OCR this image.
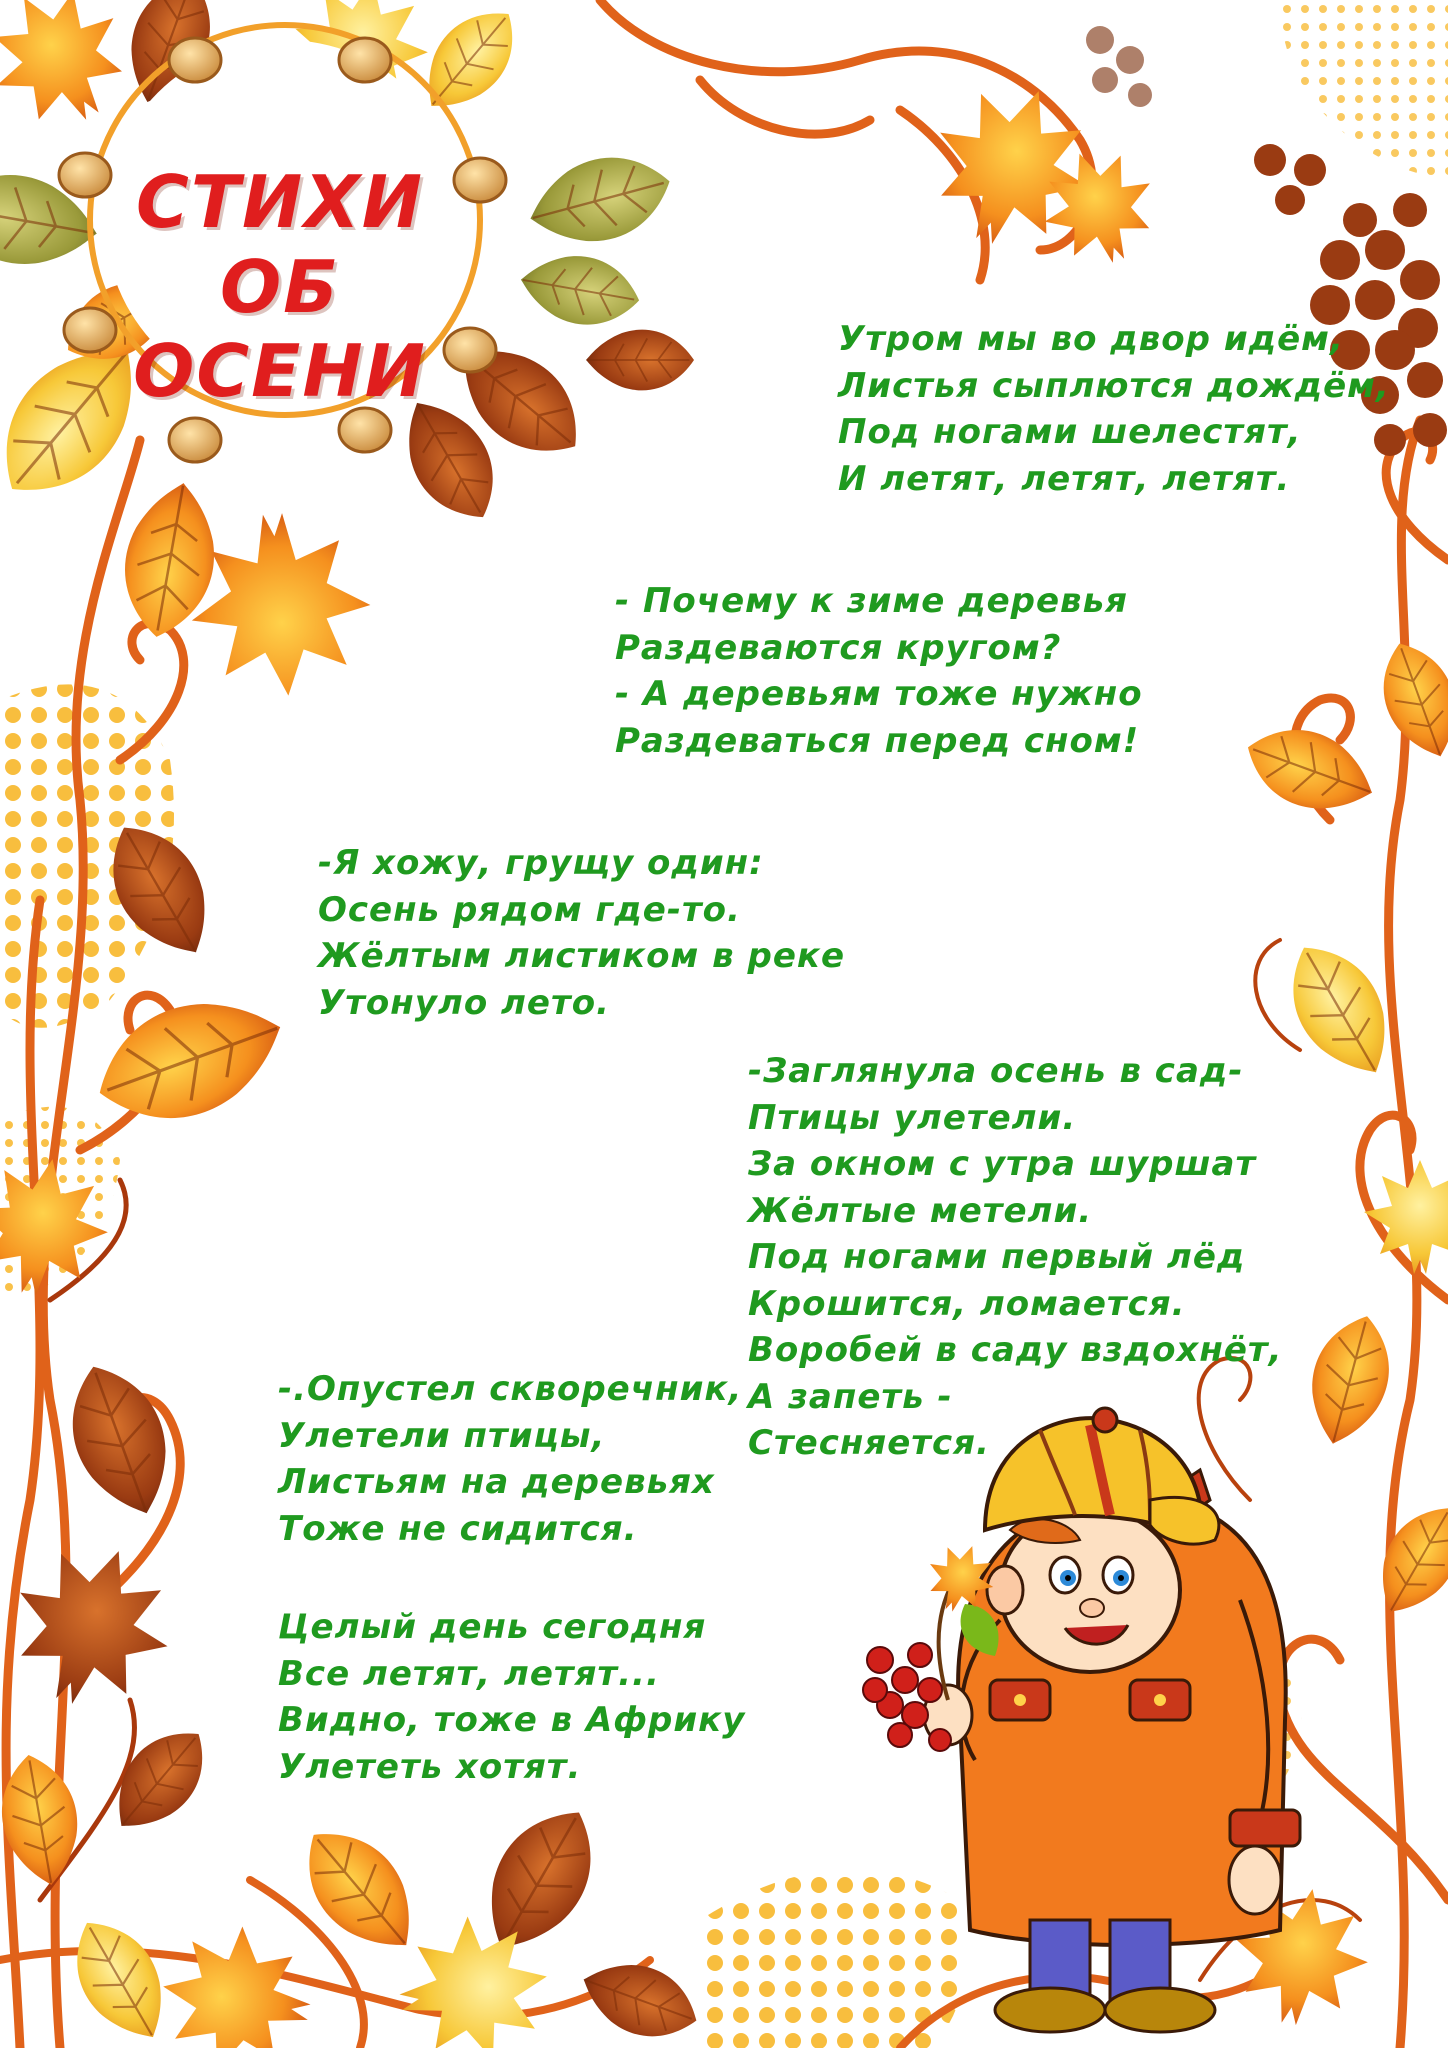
СТИХИ
ОБ ОСЕНИ	Утром мы во двор идём,
Листья сыплются дождём,
Под ногами шелестят,
И летят, летят, летят.
- Почему к зиме деревья
Раздеваются кругом?
- А деревьям тоже нужно
Раздеваться перед сном!
-Я хожу, грущу один:
Осень рядом где-то.
Жёлтым листиком в реке
Утонуло лето.
-Заглянула осень в сад-
Птицы улетели.
За окном с утра шуршат
Жёлтые метели.
Под ногами первый лёд
Крошится, ломается.
Воробей в саду вздохнёт,
А запеть -
Стесняется.
-.Опустел скворечник,
Улетели птицы,
Листьям на деревьях
Тоже не сидится.
Целый день сегодня
Все летят, летят...
Видно, тоже в Африку
Улететь хотят.
